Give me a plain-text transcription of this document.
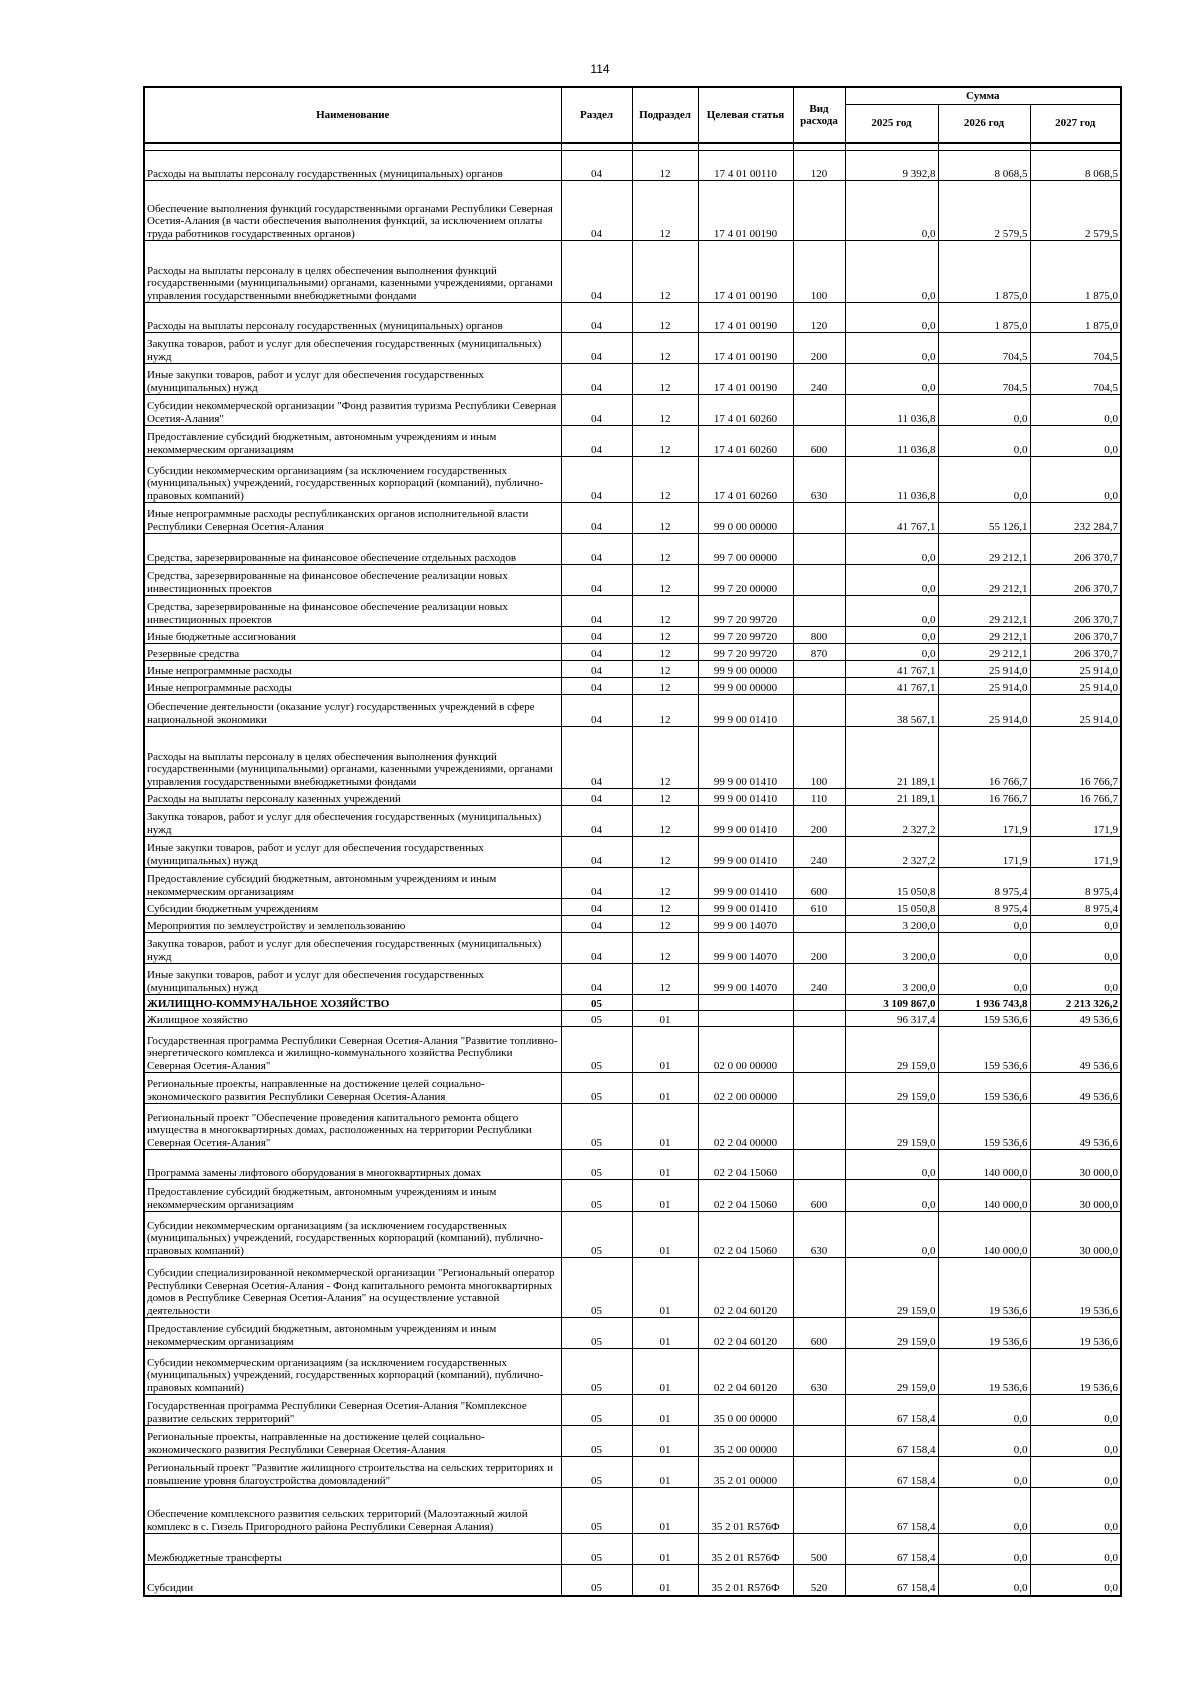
114
Наименование	Раздел	Подраздел	Целевая статья	Вид расхода	Сумма		
					2025 год	2026 год	2027 год

Расходы на выплаты персоналу государственных (муниципальных) органов	04	12	17 4 01 00110	120	9 392,8	8 068,5	8 068,5
Обеспечение выполнения функций государственными органами Республики Северная Осетия-Алания (в части обеспечения выполнения функций, за исключением оплаты труда работников государственных органов)	04	12	17 4 01 00190		0,0	2 579,5	2 579,5
Расходы на выплаты персоналу в целях обеспечения выполнения функций государственными (муниципальными) органами, казенными учреждениями, органами управления государственными внебюджетными фондами	04	12	17 4 01 00190	100	0,0	1 875,0	1 875,0
Расходы на выплаты персоналу государственных (муниципальных) органов	04	12	17 4 01 00190	120	0,0	1 875,0	1 875,0
Закупка товаров, работ и услуг для обеспечения государственных (муниципальных) нужд	04	12	17 4 01 00190	200	0,0	704,5	704,5
Иные закупки товаров, работ и услуг для обеспечения государственных (муниципальных) нужд	04	12	17 4 01 00190	240	0,0	704,5	704,5
Субсидии некоммерческой организации "Фонд развития туризма Республики Северная Осетия-Алания"	04	12	17 4 01 60260		11 036,8	0,0	0,0
Предоставление субсидий бюджетным, автономным учреждениям и иным некоммерческим организациям	04	12	17 4 01 60260	600	11 036,8	0,0	0,0
Субсидии некоммерческим организациям (за исключением государственных (муниципальных) учреждений, государственных корпораций (компаний), публично-правовых компаний)	04	12	17 4 01 60260	630	11 036,8	0,0	0,0
Иные непрограммные расходы республиканских органов исполнительной власти Республики Северная Осетия-Алания	04	12	99 0 00 00000		41 767,1	55 126,1	232 284,7
Средства, зарезервированные на финансовое обеспечение отдельных расходов	04	12	99 7 00 00000		0,0	29 212,1	206 370,7
Средства, зарезервированные на финансовое обеспечение реализации новых инвестиционных проектов	04	12	99 7 20 00000		0,0	29 212,1	206 370,7
Средства, зарезервированные на финансовое обеспечение реализации новых инвестиционных проектов	04	12	99 7 20 99720		0,0	29 212,1	206 370,7
Иные бюджетные ассигнования	04	12	99 7 20 99720	800	0,0	29 212,1	206 370,7
Резервные средства	04	12	99 7 20 99720	870	0,0	29 212,1	206 370,7
Иные непрограммные расходы	04	12	99 9 00 00000		41 767,1	25 914,0	25 914,0
Иные непрограммные расходы	04	12	99 9 00 00000		41 767,1	25 914,0	25 914,0
Обеспечение деятельности (оказание услуг) государственных учреждений в сфере национальной экономики	04	12	99 9 00 01410		38 567,1	25 914,0	25 914,0
Расходы на выплаты персоналу в целях обеспечения выполнения функций государственными (муниципальными) органами, казенными учреждениями, органами управления государственными внебюджетными фондами	04	12	99 9 00 01410	100	21 189,1	16 766,7	16 766,7
Расходы на выплаты персоналу казенных учреждений	04	12	99 9 00 01410	110	21 189,1	16 766,7	16 766,7
Закупка товаров, работ и услуг для обеспечения государственных (муниципальных) нужд	04	12	99 9 00 01410	200	2 327,2	171,9	171,9
Иные закупки товаров, работ и услуг для обеспечения государственных (муниципальных) нужд	04	12	99 9 00 01410	240	2 327,2	171,9	171,9
Предоставление субсидий бюджетным, автономным учреждениям и иным некоммерческим организациям	04	12	99 9 00 01410	600	15 050,8	8 975,4	8 975,4
Субсидии бюджетным учреждениям	04	12	99 9 00 01410	610	15 050,8	8 975,4	8 975,4
Мероприятия по землеустройству и землепользованию	04	12	99 9 00 14070		3 200,0	0,0	0,0
Закупка товаров, работ и услуг для обеспечения государственных (муниципальных) нужд	04	12	99 9 00 14070	200	3 200,0	0,0	0,0
Иные закупки товаров, работ и услуг для обеспечения государственных (муниципальных) нужд	04	12	99 9 00 14070	240	3 200,0	0,0	0,0
ЖИЛИЩНО-КОММУНАЛЬНОЕ ХОЗЯЙСТВО	05				3 109 867,0	1 936 743,8	2 213 326,2
Жилищное хозяйство	05	01			96 317,4	159 536,6	49 536,6
Государственная программа Республики Северная Осетия-Алания "Развитие топливно-энергетического комплекса и жилищно-коммунального хозяйства Республики Северная Осетия-Алания"	05	01	02 0 00 00000		29 159,0	159 536,6	49 536,6
Региональные проекты, направленные на достижение целей социально-экономического развития Республики Северная Осетия-Алания	05	01	02 2 00 00000		29 159,0	159 536,6	49 536,6
Региональный проект "Обеспечение проведения капитального ремонта общего имущества в многоквартирных домах, расположенных на территории Республики Северная Осетия-Алания"	05	01	02 2 04 00000		29 159,0	159 536,6	49 536,6
Программа замены лифтового оборудования в многоквартирных домах	05	01	02 2 04 15060		0,0	140 000,0	30 000,0
Предоставление субсидий бюджетным, автономным учреждениям и иным некоммерческим организациям	05	01	02 2 04 15060	600	0,0	140 000,0	30 000,0
Субсидии некоммерческим организациям (за исключением государственных (муниципальных) учреждений, государственных корпораций (компаний), публично-правовых компаний)	05	01	02 2 04 15060	630	0,0	140 000,0	30 000,0
Субсидии специализированной некоммерческой организации "Региональный оператор Республики Северная Осетия-Алания - Фонд капитального ремонта многоквартирных домов в Республике Северная Осетия-Алания" на осуществление уставной деятельности	05	01	02 2 04 60120		29 159,0	19 536,6	19 536,6
Предоставление субсидий бюджетным, автономным учреждениям и иным некоммерческим организациям	05	01	02 2 04 60120	600	29 159,0	19 536,6	19 536,6
Субсидии некоммерческим организациям (за исключением государственных (муниципальных) учреждений, государственных корпораций (компаний), публично-правовых компаний)	05	01	02 2 04 60120	630	29 159,0	19 536,6	19 536,6
Государственная программа Республики Северная Осетия-Алания "Комплексное развитие сельских территорий"	05	01	35 0 00 00000		67 158,4	0,0	0,0
Региональные проекты, направленные на достижение целей социально-экономического развития Республики Северная Осетия-Алания	05	01	35 2 00 00000		67 158,4	0,0	0,0
Региональный проект "Развитие жилищного строительства на сельских территориях и повышение уровня благоустройства домовладений"	05	01	35 2 01 00000		67 158,4	0,0	0,0
Обеспечение комплексного развития сельских территорий (Малоэтажный жилой комплекс в с. Гизель Пригородного района Республики Северная Алания)	05	01	35 2 01 R576Ф		67 158,4	0,0	0,0
Межбюджетные трансферты	05	01	35 2 01 R576Ф	500	67 158,4	0,0	0,0
Субсидии	05	01	35 2 01 R576Ф	520	67 158,4	0,0	0,0
